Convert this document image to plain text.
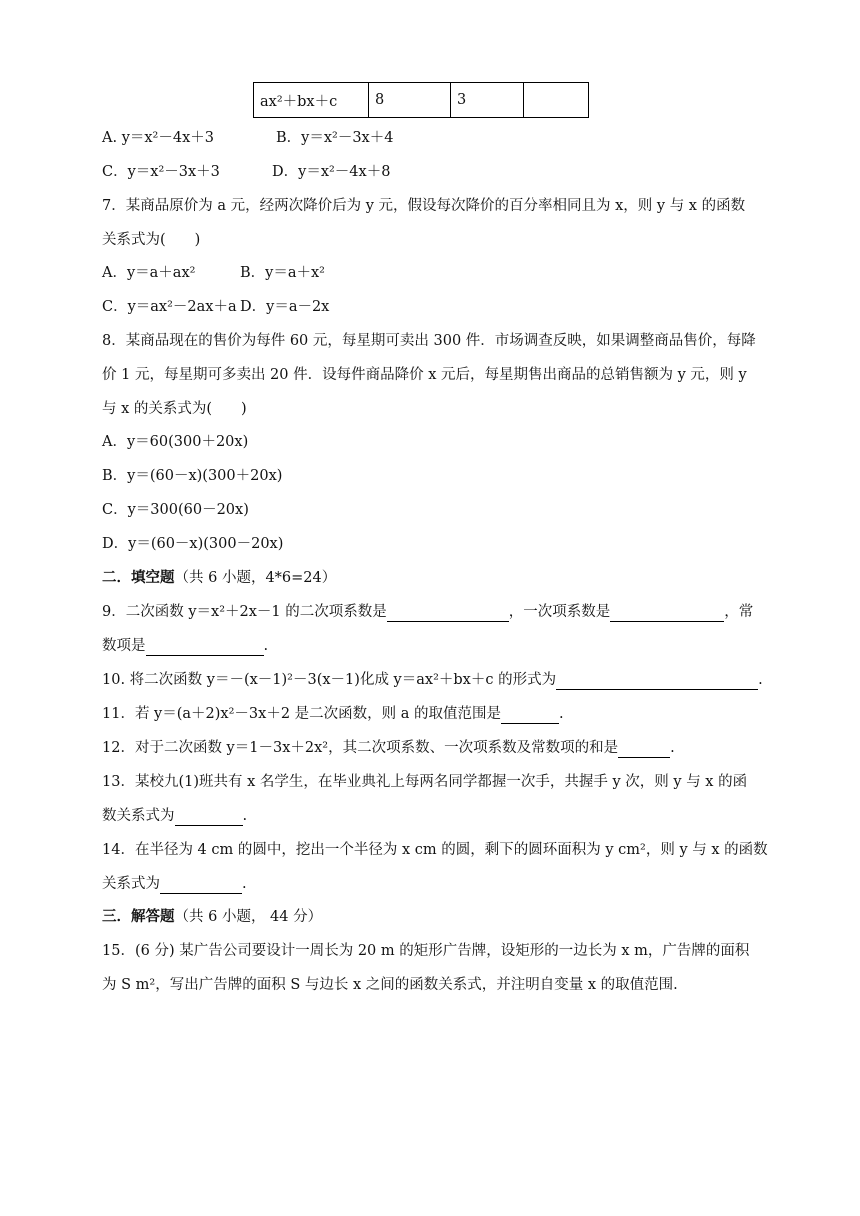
ax²＋bx＋c	8	3	
A. y＝x²－4x＋3	B．y＝x²－3x＋4
C．y＝x²－3x＋3	D．y＝x²－4x＋8
7．某商品原价为 a 元，经两次降价后为 y 元，假设每次降价的百分率相同且为 x，则 y 与 x 的函数
关系式为(　　)
A．y＝a＋ax²	B．y＝a＋x²
C．y＝ax²－2ax＋a D．y＝a－2x
8．某商品现在的售价为每件 60 元，每星期可卖出 300 件．市场调查反映，如果调整商品售价，每降
价 1 元，每星期可多卖出 20 件．设每件商品降价 x 元后，每星期售出商品的总销售额为 y 元，则 y
与 x 的关系式为(　　)
A．y＝60(300＋20x)
B．y＝(60－x)(300＋20x)
C．y＝300(60－20x)
D．y＝(60－x)(300－20x)
二．填空题（共 6 小题，4*6=24）
9．二次函数 y＝x²＋2x－1 的二次项系数是	，一次项系数是	，常
数项是	.
10. 将二次函数 y＝－(x－1)²－3(x－1)化成 y＝ax²＋bx＋c 的形式为	.
11．若 y＝(a＋2)x²－3x＋2 是二次函数，则 a 的取值范围是	.
12．对于二次函数 y＝1－3x＋2x²，其二次项系数、一次项系数及常数项的和是	.
13．某校九(1)班共有 x 名学生，在毕业典礼上每两名同学都握一次手，共握手 y 次，则 y 与 x 的函
数关系式为	.
14．在半径为 4 cm 的圆中，挖出一个半径为 x cm 的圆，剩下的圆环面积为 y cm²，则 y 与 x 的函数
关系式为	.
三．解答题（共 6 小题， 44 分）
15．(6 分) 某广告公司要设计一周长为 20 m 的矩形广告牌，设矩形的一边长为 x m，广告牌的面积
为 S m²，写出广告牌的面积 S 与边长 x 之间的函数关系式，并注明自变量 x 的取值范围.
